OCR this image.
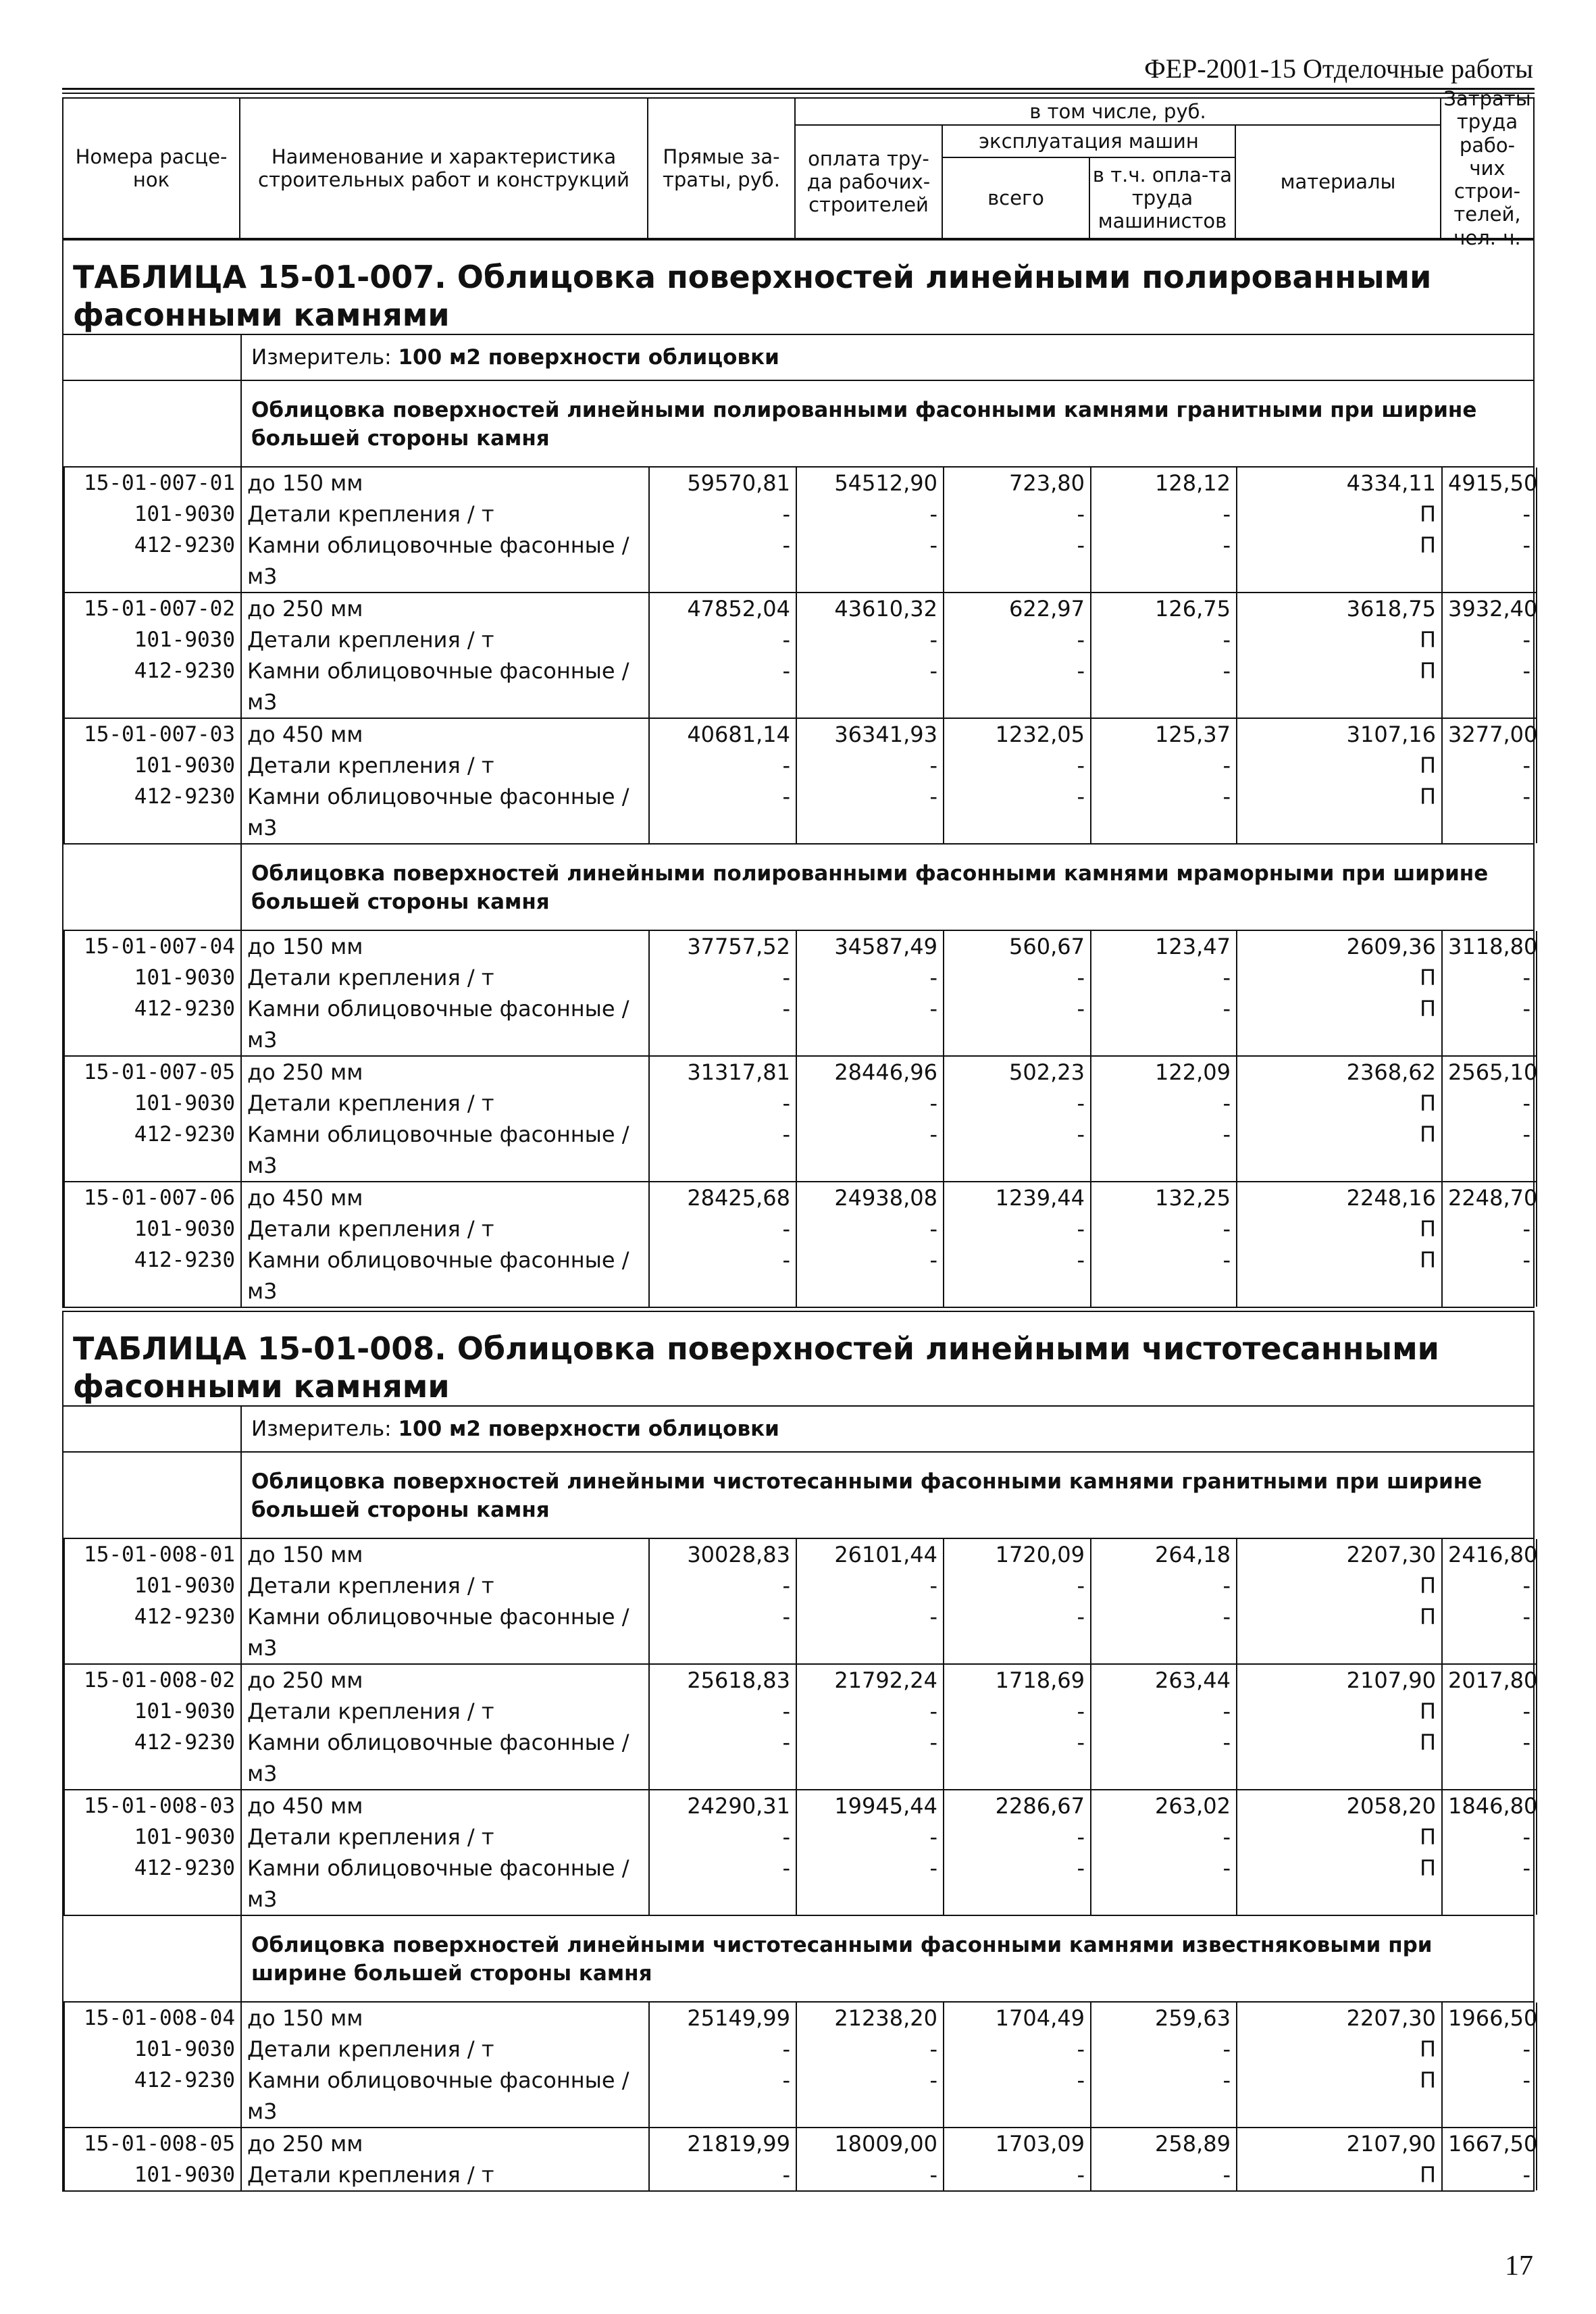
ФЕР-2001-15 Отделочные работы
Номера расце-нок
Наименование и характеристика строительных работ и конструкций
Прямые за-траты, руб.
в том числе, руб.
оплата тру-да рабочих-строителей
эксплуатация машин
всего
в т.ч. опла-та труда машинистов
материалы
Затраты труда рабо-чих строи-телей, чел.-ч.
ТАБЛИЦА 15-01-007. Облицовка поверхностей линейными полированными фасонными камнями
Измеритель: 100 м2 поверхности облицовки
Облицовка поверхностей линейными полированными фасонными камнями гранитными при ширине большей стороны камня
15-01-007-01	до 150 мм	59570,81	54512,90	723,80	128,12	4334,11	4915,50
101-9030	Детали крепления / т	-	-	-	-	П	-
412-9230	Камни облицовочные фасонные / м3	-	-	-	-	П	-
15-01-007-02	до 250 мм	47852,04	43610,32	622,97	126,75	3618,75	3932,40
101-9030	Детали крепления / т	-	-	-	-	П	-
412-9230	Камни облицовочные фасонные / м3	-	-	-	-	П	-
15-01-007-03	до 450 мм	40681,14	36341,93	1232,05	125,37	3107,16	3277,00
101-9030	Детали крепления / т	-	-	-	-	П	-
412-9230	Камни облицовочные фасонные / м3	-	-	-	-	П	-
Облицовка поверхностей линейными полированными фасонными камнями мраморными при ширине большей стороны камня
15-01-007-04	до 150 мм	37757,52	34587,49	560,67	123,47	2609,36	3118,80
101-9030	Детали крепления / т	-	-	-	-	П	-
412-9230	Камни облицовочные фасонные / м3	-	-	-	-	П	-
15-01-007-05	до 250 мм	31317,81	28446,96	502,23	122,09	2368,62	2565,10
101-9030	Детали крепления / т	-	-	-	-	П	-
412-9230	Камни облицовочные фасонные / м3	-	-	-	-	П	-
15-01-007-06	до 450 мм	28425,68	24938,08	1239,44	132,25	2248,16	2248,70
101-9030	Детали крепления / т	-	-	-	-	П	-
412-9230	Камни облицовочные фасонные / м3	-	-	-	-	П	-
ТАБЛИЦА 15-01-008. Облицовка поверхностей линейными чистотесанными фасонными камнями
Измеритель: 100 м2 поверхности облицовки
Облицовка поверхностей линейными чистотесанными фасонными камнями гранитными при ширине большей стороны камня
15-01-008-01	до 150 мм	30028,83	26101,44	1720,09	264,18	2207,30	2416,80
101-9030	Детали крепления / т	-	-	-	-	П	-
412-9230	Камни облицовочные фасонные / м3	-	-	-	-	П	-
15-01-008-02	до 250 мм	25618,83	21792,24	1718,69	263,44	2107,90	2017,80
101-9030	Детали крепления / т	-	-	-	-	П	-
412-9230	Камни облицовочные фасонные / м3	-	-	-	-	П	-
15-01-008-03	до 450 мм	24290,31	19945,44	2286,67	263,02	2058,20	1846,80
101-9030	Детали крепления / т	-	-	-	-	П	-
412-9230	Камни облицовочные фасонные / м3	-	-	-	-	П	-
Облицовка поверхностей линейными чистотесанными фасонными камнями известняковыми при ширине большей стороны камня
15-01-008-04	до 150 мм	25149,99	21238,20	1704,49	259,63	2207,30	1966,50
101-9030	Детали крепления / т	-	-	-	-	П	-
412-9230	Камни облицовочные фасонные / м3	-	-	-	-	П	-
15-01-008-05	до 250 мм	21819,99	18009,00	1703,09	258,89	2107,90	1667,50
101-9030	Детали крепления / т	-	-	-	-	П	-
17
